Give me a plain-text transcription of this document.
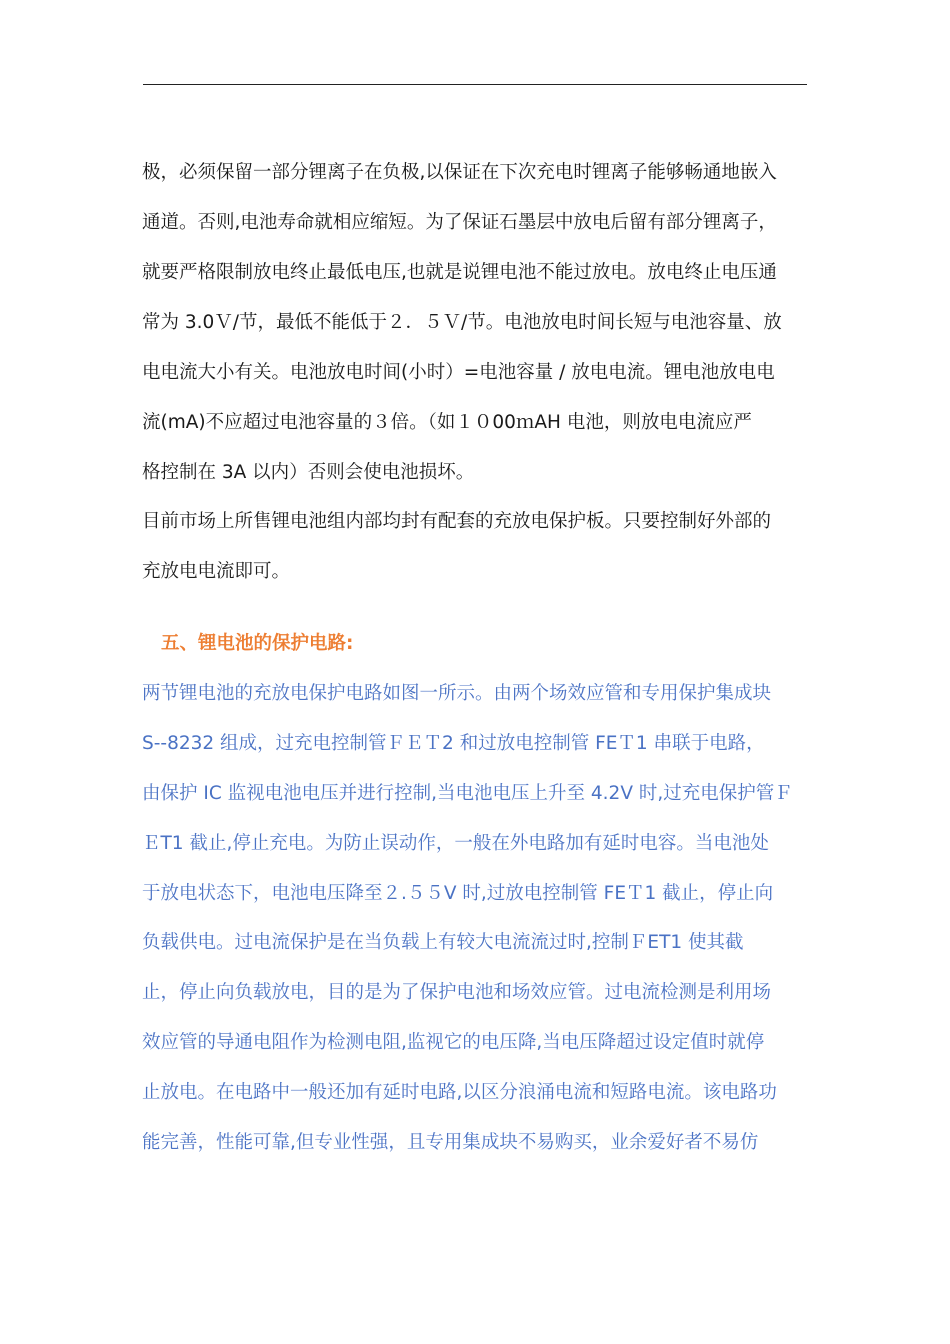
极，必须保留一部分锂离子在负极,以保证在下次充电时锂离子能够畅通地嵌入
通道。否则,电池寿命就相应缩短。为了保证石墨层中放电后留有部分锂离子，
就要严格限制放电终止最低电压,也就是说锂电池不能过放电。放电终止电压通
常为 3.0Ｖ/节，最低不能低于２．５Ｖ/节。电池放电时间长短与电池容量、放
电电流大小有关。电池放电时间(小时）=电池容量 / 放电电流。锂电池放电电
流(mA)不应超过电池容量的３倍。（如１０00ｍAH 电池，则放电电流应严
格控制在 3A 以内）否则会使电池损坏。
目前市场上所售锂电池组内部均封有配套的充放电保护板。只要控制好外部的
充放电电流即可。
五、锂电池的保护电路:
两节锂电池的充放电保护电路如图一所示。由两个场效应管和专用保护集成块
S--8232 组成，过充电控制管ＦＥＴ2 和过放电控制管 FEＴ1 串联于电路，
由保护 IC 监视电池电压并进行控制,当电池电压上升至 4.2V 时,过充电保护管Ｆ
ＥT1 截止,停止充电。为防止误动作，一般在外电路加有延时电容。当电池处
于放电状态下，电池电压降至２.５５V 时,过放电控制管 FEＴ1 截止，停止向
负载供电。过电流保护是在当负载上有较大电流流过时,控制ＦET1 使其截
止，停止向负载放电，目的是为了保护电池和场效应管。过电流检测是利用场
效应管的导通电阻作为检测电阻,监视它的电压降,当电压降超过设定值时就停
止放电。在电路中一般还加有延时电路,以区分浪涌电流和短路电流。该电路功
能完善，性能可靠,但专业性强，且专用集成块不易购买，业余爱好者不易仿
